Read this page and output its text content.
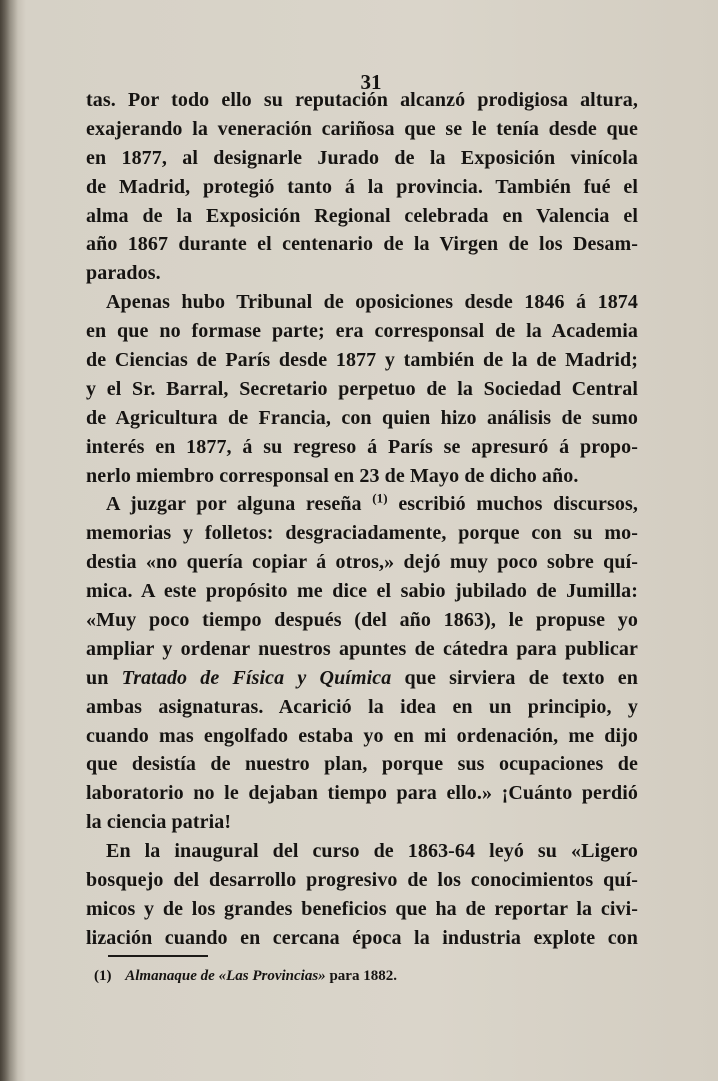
31
tas. Por todo ello su reputación alcanzó prodigiosa altura,
exajerando la veneración cariñosa que se le tenía desde que
en 1877, al designarle Jurado de la Exposición vinícola
de Madrid, protegió tanto á la provincia. También fué el
alma de la Exposición Regional celebrada en Valencia el
año 1867 durante el centenario de la Virgen de los Desam-
parados.
Apenas hubo Tribunal de oposiciones desde 1846 á 1874
en que no formase parte; era corresponsal de la Academia
de Ciencias de París desde 1877 y también de la de Madrid;
y el Sr. Barral, Secretario perpetuo de la Sociedad Central
de Agricultura de Francia, con quien hizo análisis de sumo
interés en 1877, á su regreso á París se apresuró á propo-
nerlo miembro corresponsal en 23 de Mayo de dicho año.
A juzgar por alguna reseña $^{(1)}$ escribió muchos discursos,
memorias y folletos: desgraciadamente, porque con su mo-
destia «no quería copiar á otros,» dejó muy poco sobre quí-
mica. A este propósito me dice el sabio jubilado de Jumilla:
«Muy poco tiempo después (del año 1863), le propuse yo
ampliar y ordenar nuestros apuntes de cátedra para publicar
un Tratado de Física y Química que sirviera de texto en
ambas asignaturas. Acarició la idea en un principio, y
cuando mas engolfado estaba yo en mi ordenación, me dijo
que desistía de nuestro plan, porque sus ocupaciones de
laboratorio no le dejaban tiempo para ello.» ¡Cuánto perdió
la ciencia patria!
En la inaugural del curso de 1863-64 leyó su «Ligero
bosquejo del desarrollo progresivo de los conocimientos quí-
micos y de los grandes beneficios que ha de reportar la civi-
lización cuando en cercana época la industria explote con
(1) Almanaque de «Las Provincias» para 1882.
